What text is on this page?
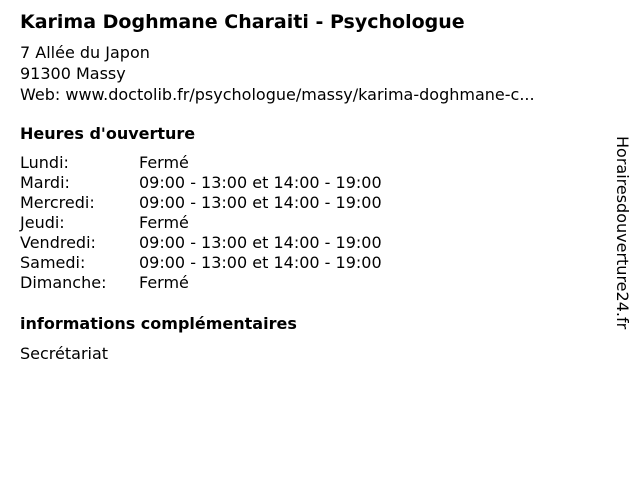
Karima Doghmane Charaiti - Psychologue
7 Allée du Japon
91300 Massy
Web: www.doctolib.fr/psychologue/massy/karima-doghmane-c...
Heures d'ouverture
Lundi:	Fermé
Mardi:	09:00 - 13:00 et 14:00 - 19:00
Mercredi:	09:00 - 13:00 et 14:00 - 19:00
Jeudi:	Fermé
Vendredi:	09:00 - 13:00 et 14:00 - 19:00
Samedi:	09:00 - 13:00 et 14:00 - 19:00
Dimanche: Fermé
informations complémentaires
Secrétariat
Horairesdouverture24.fr
